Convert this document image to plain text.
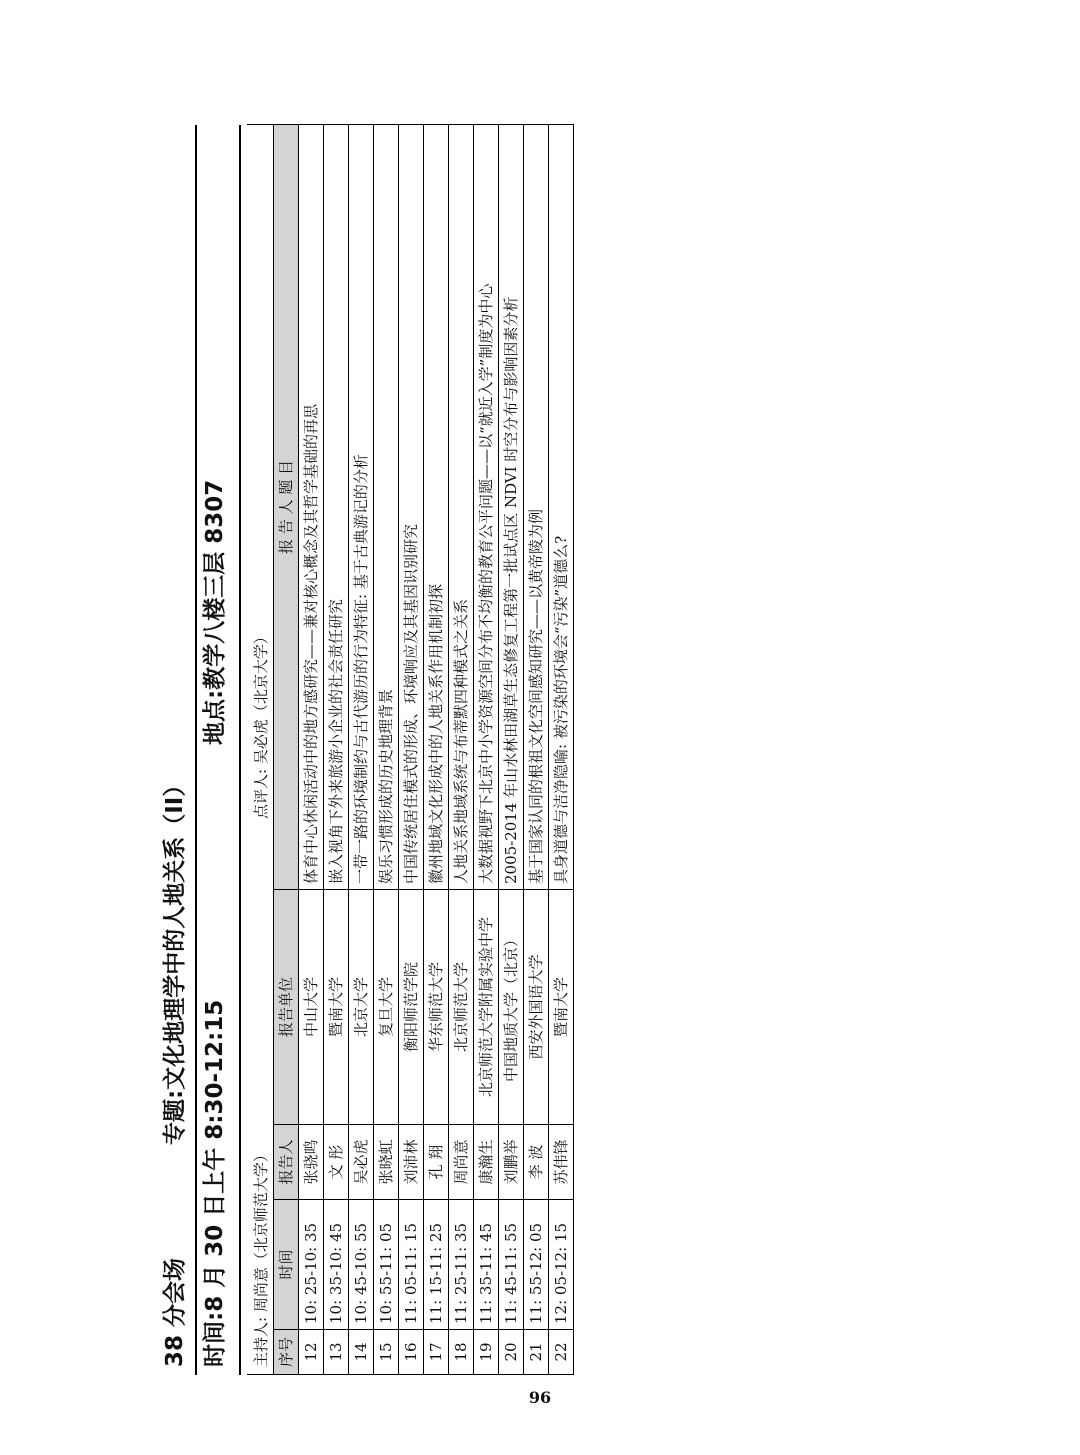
38 分会场
专题:文化地理学中的人地关系（II）
时间:8 月 30 日上午 8:30-12:15
地点:教学八楼三层 8307
主持人: 周尚意（北京师范大学）
点评人: 吴必虎（北京大学）				

序号	时间	报告人	报告单位	报 告 人 题 目
12	10: 25-10: 35	张骁鸣	中山大学	体育中心休闲活动中的地方感研究——兼对核心概念及其哲学基础的再思
13	10: 35-10: 45	文 彤	暨南大学	嵌入视角下外来旅游小企业的社会责任研究
14	10: 45-10: 55	吴必虎	北京大学	一带一路的环境制约与古代游历的行为特征: 基于古典游记的分析
15	10: 55-11: 05	张晓虹	复旦大学	娱乐习惯形成的历史地理背景
16	11: 05-11: 15	刘沛林	衡阳师范学院	中国传统居住模式的形成、环境响应及其基因识别研究
17	11: 15-11: 25	孔 翔	华东师范大学	徽州地域文化形成中的人地关系作用机制初探
18	11: 25-11: 35	周尚意	北京师范大学	人地关系地域系统与布蒂默四种模式之关系
19	11: 35-11: 45	康瀚生	北京师范大学附属实验中学	大数据视野下北京中小学资源空间分布不均衡的教育公平问题——以“就近入学”制度为中心
20	11: 45-11: 55	刘鹏举	中国地质大学（北京）	2005-2014 年山水林田湖草生态修复工程第一批试点区 NDVI 时空分布与影响因素分析
21	11: 55-12: 05	李 波	西安外国语大学	基于国家认同的根祖文化空间感知研究——以黄帝陵为例
22	12: 05-12: 15	苏伟锋	暨南大学	具身道德与洁净隐喻: 被污染的环境会“污染”道德么?
96
